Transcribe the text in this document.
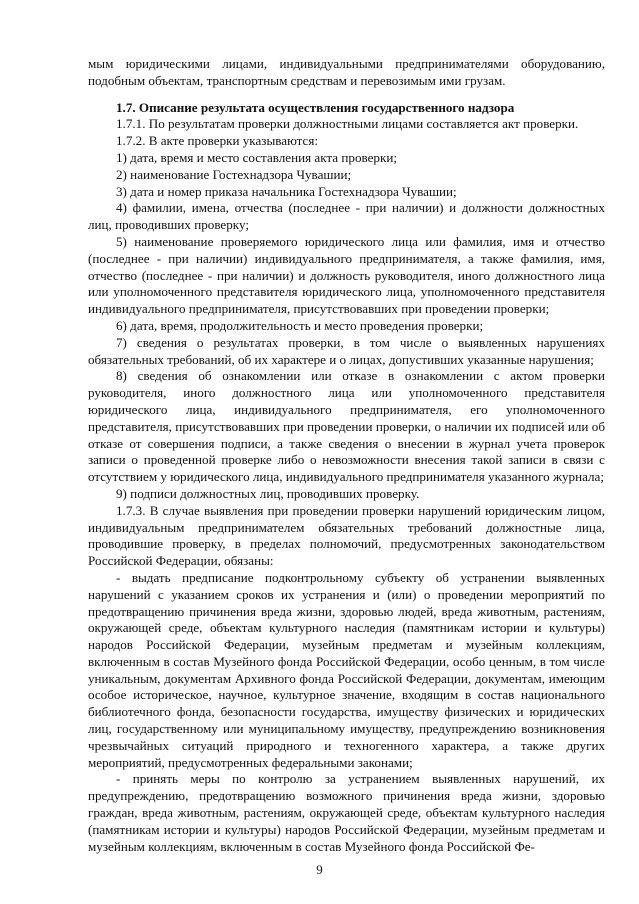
мым юридическими лицами, индивидуальными предпринимателями оборудованию, подобным объектам, транспортным средствам и перевозимым ими грузам.

1.7. Описание результата осуществления государственного надзора

1.7.1. По результатам проверки должностными лицами составляется акт проверки.

1.7.2. В акте проверки указываются:

1) дата, время и место составления акта проверки;

2) наименование Гостехнадзора Чувашии;

3) дата и номер приказа начальника Гостехнадзора Чувашии;

4) фамилии, имена, отчества (последнее - при наличии) и должности должностных лиц, проводивших проверку;

5) наименование проверяемого юридического лица или фамилия, имя и отчество (последнее - при наличии) индивидуального предпринимателя, а также фамилия, имя, отчество (последнее - при наличии) и должность руководителя, иного должностного лица или уполномоченного представителя юридического лица, уполномоченного представителя индивидуального предпринимателя, присутствовавших при проведении проверки;

6) дата, время, продолжительность и место проведения проверки;

7) сведения о результатах проверки, в том числе о выявленных нарушениях обязательных требований, об их характере и о лицах, допустивших указанные нарушения;

8) сведения об ознакомлении или отказе в ознакомлении с актом проверки руководителя, иного должностного лица или уполномоченного представителя юридического лица, индивидуального предпринимателя, его уполномоченного представителя, присутствовавших при проведении проверки, о наличии их подписей или об отказе от совершения подписи, а также сведения о внесении в журнал учета проверок записи о проведенной проверке либо о невозможности внесения такой записи в связи с отсутствием у юридического лица, индивидуального предпринимателя указанного журнала;

9) подписи должностных лиц, проводивших проверку.

1.7.3. В случае выявления при проведении проверки нарушений юридическим лицом, индивидуальным предпринимателем обязательных требований должностные лица, проводившие проверку, в пределах полномочий, предусмотренных законодательством Российской Федерации, обязаны:

- выдать предписание подконтрольному субъекту об устранении выявленных нарушений с указанием сроков их устранения и (или) о проведении мероприятий по предотвращению причинения вреда жизни, здоровью людей, вреда животным, растениям, окружающей среде, объектам культурного наследия (памятникам истории и культуры) народов Российской Федерации, музейным предметам и музейным коллекциям, включенным в состав Музейного фонда Российской Федерации, особо ценным, в том числе уникальным, документам Архивного фонда Российской Федерации, документам, имеющим особое историческое, научное, культурное значение, входящим в состав национального библиотечного фонда, безопасности государства, имуществу физических и юридических лиц, государственному или муниципальному имуществу, предупреждению возникновения чрезвычайных ситуаций природного и техногенного характера, а также других мероприятий, предусмотренных федеральными законами;

- принять меры по контролю за устранением выявленных нарушений, их предупреждению, предотвращению возможного причинения вреда жизни, здоровью граждан, вреда животным, растениям, окружающей среде, объектам культурного наследия (памятникам истории и культуры) народов Российской Федерации, музейным предметам и музейным коллекциям, включенным в состав Музейного фонда Российской Фе-

9
